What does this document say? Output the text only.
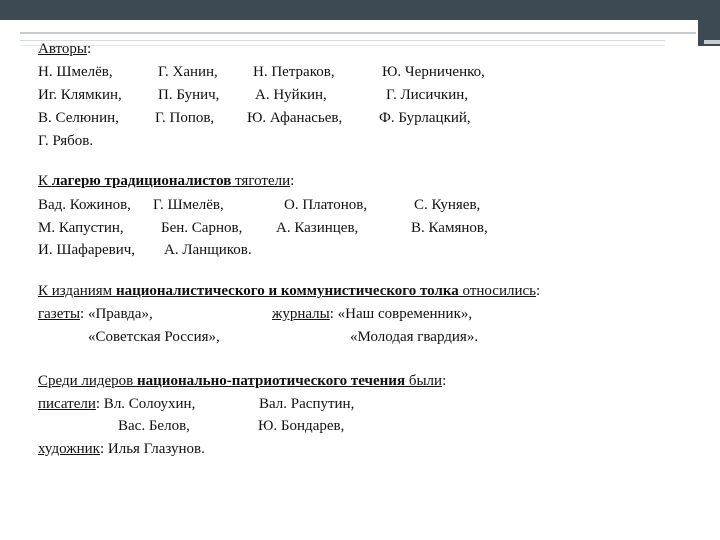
Авторы:
Н. Шмелёв,	Г. Ханин, Н. Петраков,	Ю. Черниченко,
Иг. Клямкин, П. Бунич, А. Нуйкин,	Г. Лисичкин,
В. Селюнин, Г. Попов, Ю. Афанасьев, Ф. Бурлацкий,
Г. Рябов.
К лагерю традиционалистов тяготели:
Вад. Кожинов, Г. Шмелёв,	О. Платонов,	С. Куняев,
М. Капустин, Бен. Сарнов, А. Казинцев,	В. Камянов,
И. Шафаревич, А. Ланщиков.
К изданиям националистического и коммунистического толка относились:
газеты: «Правда»,	журналы: «Наш современник»,
«Советская Россия»,	«Молодая гвардия».
Среди лидеров национально-патриотического течения были:
писатели: Вл. Солоухин,	Вал. Распутин,
Вас. Белов,	Ю. Бондарев,
художник: Илья Глазунов.
